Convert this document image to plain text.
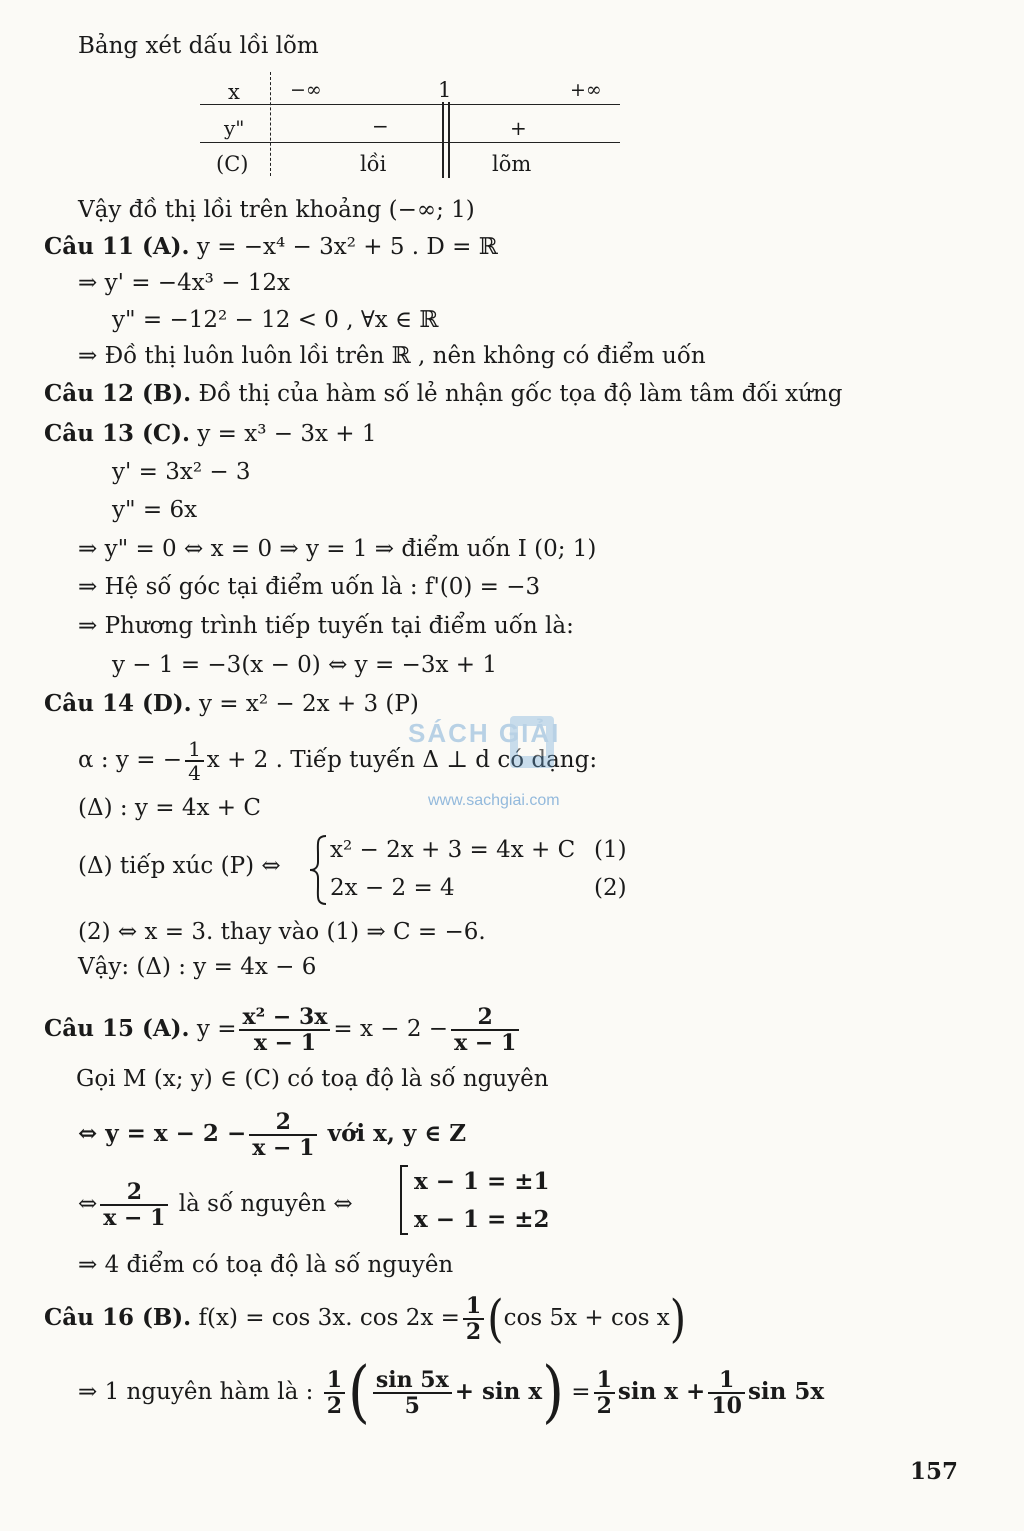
Bảng xét dấu lồi lõm
x	−∞	1	+∞
y"	−	+
(C)	lồi	lõm
Vậy đồ thị lồi trên khoảng (−∞; 1)
Câu 11 (A). y = −x⁴ − 3x² + 5 . D = ℝ
⇒ y' = −4x³ − 12x
y" = −12² − 12 < 0 , ∀x ∈ ℝ
⇒ Đồ thị luôn luôn lồi trên ℝ , nên không có điểm uốn
Câu 12 (B). Đồ thị của hàm số lẻ nhận gốc tọa độ làm tâm đối xứng
Câu 13 (C). y = x³ − 3x + 1
y' = 3x² − 3
y" = 6x
⇒ y" = 0 ⇔ x = 0 ⇒ y = 1 ⇒ điểm uốn I (0; 1)
⇒ Hệ số góc tại điểm uốn là : f'(0) = −3
⇒ Phương trình tiếp tuyến tại điểm uốn là:
y − 1 = −3(x − 0) ⇔ y = −3x + 1
Câu 14 (D). y = x² − 2x + 3 (P)
α : y = − $\frac{1}{4}$ x + 2 . Tiếp tuyến Δ ⊥ d có dạng:
(Δ) : y = 4x + C
(Δ) tiếp xúc (P) ⇔
x² − 2x + 3 = 4x + C (1)
2x − 2 = 4	(2)
(2) ⇔ x = 3. thay vào (1) ⇒ C = −6.
Vậy: (Δ) : y = 4x − 6
Câu 15 (A). $y = \frac{\text{x² − 3x}}{x - 1} = x - 2 - \frac{2}{x - 1}$
Gọi M (x; y) ∈ (C) có toạ độ là số nguyên
⇔ $y = x - 2 - \frac{2}{x - 1}$ với x, y ∈ Z
⇔ $\frac{2}{x - 1}$ là số nguyên ⇔
x − 1 = ±1
x − 1 = ±2
⇒ 4 điểm có toạ độ là số nguyên
Câu 16 (B). f(x) = cos 3x. $\cos 2x = \frac{1}{2} (\cos$ 5x + cos x)
⇒ 1 nguyên hàm là : $\frac{1}{2}$ ( $\frac{\sin 5x}{5} + \sin x) = \frac{1}{2}$ $\sin x + \frac{1}{10}$ sin 5x
SÁCH GIẢI
www.sachgiai.com
157
